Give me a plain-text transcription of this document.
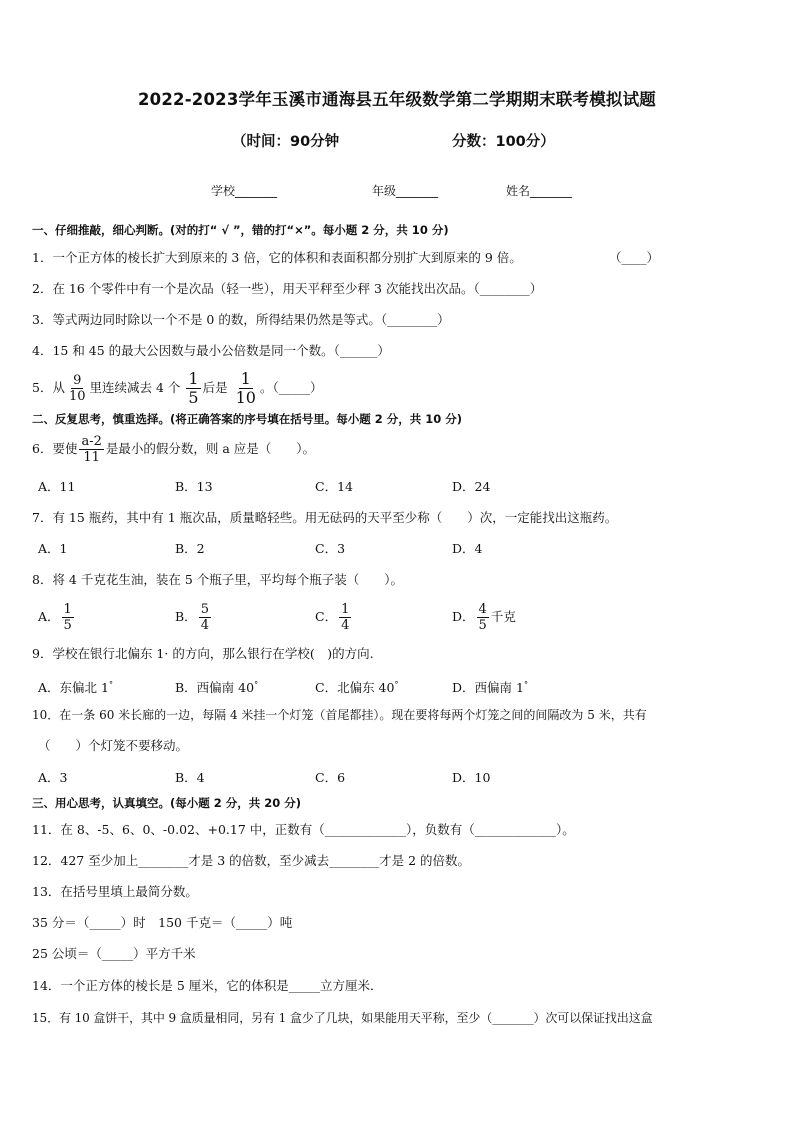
2022-2023学年玉溪市通海县五年级数学第二学期期末联考模拟试题
（时间：90分钟	分数：100分）
学校_______	年级_______	姓名_______
一、仔细推敲，细心判断。(对的打“ √ ”，错的打“×”。每小题 2 分，共 10 分)
1．一个正方体的棱长扩大到原来的 3 倍，它的体积和表面积都分别扩大到原来的 9 倍。	（____）
2．在 16 个零件中有一个是次品（轻一些），用天平秤至少秤 3 次能找出次品。（________）
3．等式两边同时除以一个不是 0 的数，所得结果仍然是等式。（________）
4．15 和 45 的最大公因数与最小公倍数是同一个数。（______）
5．从 $\frac{9}{10}$ 里连续减去 4 个 $\frac{1}{5}$ 后是 $\frac{1}{10}$ 。（_____）
二、反复思考，慎重选择。(将正确答案的序号填在括号里。每小题 2 分，共 10 分)
6．要使 $\frac{a-2}{11}$ 是最小的假分数，则 a 应是（　　）。
A．11	B．13	C．14	D．24
7．有 15 瓶药，其中有 1 瓶次品，质量略轻些。用无砝码的天平至少称（　　）次，一定能找出这瓶药。
A．1	B．2	C．3	D．4
8．将 4 千克花生油，装在 5 个瓶子里，平均每个瓶子装（　　）。
A． $\frac{1}{5}$	B． $\frac{5}{4}$	C． $\frac{1}{4}$	D． $\frac{4}{5}$ 千克
9．学校在银行北偏东 1· 的方向，那么银行在学校(　)的方向.
A．东偏北 1°	B．西偏南 40°	C．北偏东 40°	D．西偏南 1°
10．在一条 60 米长廊的一边，每隔 4 米挂一个灯笼（首尾都挂）。现在要将每两个灯笼之间的间隔改为 5 米，共有
（　　）个灯笼不要移动。
A．3	B．4	C．6	D．10
三、用心思考，认真填空。(每小题 2 分，共 20 分)
11．在 8、-5、6、0、-0.02、+0.17 中，正数有（_____________），负数有（_____________）。
12．427 至少加上________才是 3 的倍数，至少减去________才是 2 的倍数。
13．在括号里填上最简分数。
35 分＝（_____）时　150 千克＝（_____）吨
25 公顷＝（_____）平方千米
14．一个正方体的棱长是 5 厘米，它的体积是_____立方厘米．
15．有 10 盒饼干，其中 9 盒质量相同，另有 1 盒少了几块，如果能用天平称，至少（_______）次可以保证找出这盒
